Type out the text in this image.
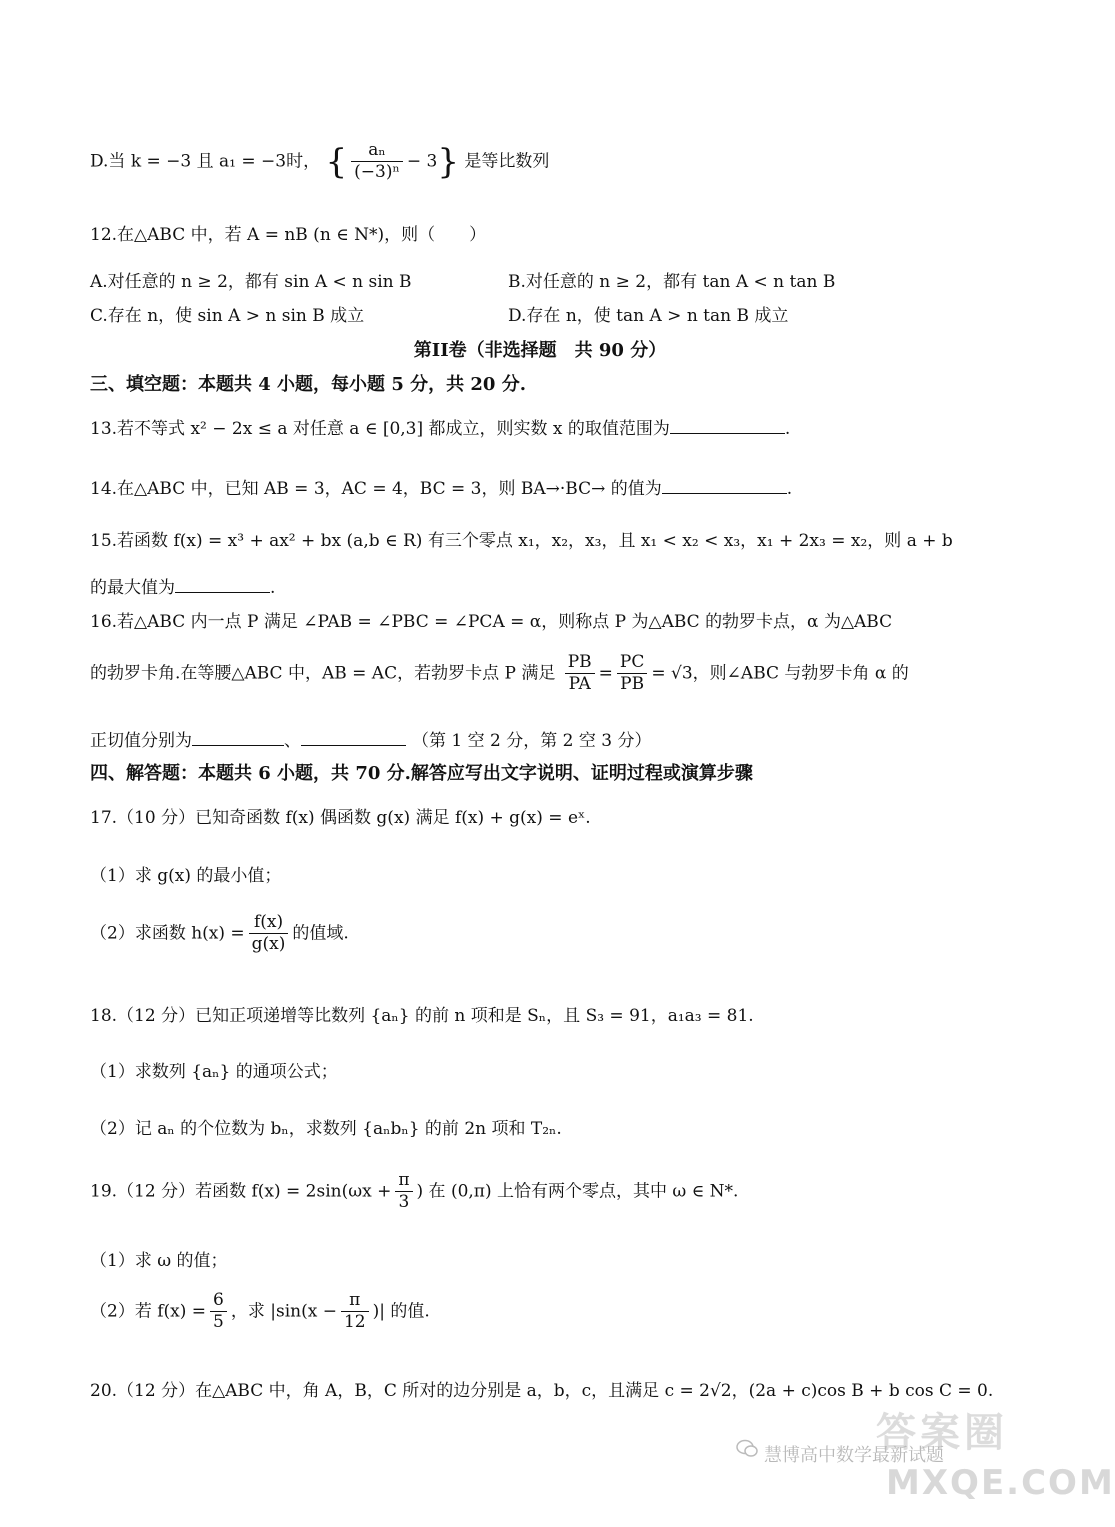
D.当 k = −3 且 a₁ = −3时， { $\frac{\text{aₙ}}{\text{(−3)ⁿ}} - 3$} 是等比数列
12.在△ABC 中，若 A = nB (n ∈ N*)，则（　　）
A.对任意的 n ≥ 2，都有 sin A < n sin B	B.对任意的 n ≥ 2，都有 tan A < n tan B
C.存在 n，使 sin A > n sin B 成立	D.存在 n，使 tan A > n tan B 成立
第II卷（非选择题　共 90 分）
三、填空题：本题共 4 小题，每小题 5 分，共 20 分.
13.若不等式 x² − 2x ≤ a 对任意 a ∈ [0,3] 都成立，则实数 x 的取值范围为	.
14.在△ABC 中，已知 AB = 3，AC = 4，BC = 3，则 BA→·BC→ 的值为	.
15.若函数 f(x) = x³ + ax² + bx (a,b ∈ R) 有三个零点 x₁，x₂，x₃，且 x₁ < x₂ < x₃，x₁ + 2x₃ = x₂，则 a + b
的最大值为	.
16.若△ABC 内一点 P 满足 ∠PAB = ∠PBC = ∠PCA = α，则称点 P 为△ABC 的勃罗卡点，α 为△ABC
的勃罗卡角.在等腰△ABC 中，AB = AC，若勃罗卡点 P 满足 $\frac{PB}{PA} = \frac{PC}{PB} = √3$，则∠ABC 与勃罗卡角 α 的
正切值分别为	、	（第 1 空 2 分，第 2 空 3 分）
四、解答题：本题共 6 小题，共 70 分.解答应写出文字说明、证明过程或演算步骤
17.（10 分）已知奇函数 f(x) 偶函数 g(x) 满足 f(x) + g(x) = eˣ.
（1）求 g(x) 的最小值；
（2）求函数 $h(x) = \frac{f(x)}{g(x)}$ 的值域.
18.（12 分）已知正项递增等比数列 {aₙ} 的前 n 项和是 Sₙ，且 S₃ = 91，a₁a₃ = 81.
（1）求数列 {aₙ} 的通项公式；
（2）记 aₙ 的个位数为 bₙ，求数列 {aₙbₙ} 的前 2n 项和 T₂ₙ.
19.（12 分）若函数 $f(x) = 2\sin(\omega x + \frac{\pi}{3}$ ) 在 (0,π) 上恰有两个零点，其中 ω ∈ N*.
（1）求 ω 的值；
（2）若 $f(x) = \frac{6}{5}$ ，求 $|\sin(x - \frac{\pi}{12}$ )| 的值.
20.（12 分）在△ABC 中，角 A，B，C 所对的边分别是 a，b，c，且满足 c = 2√2，(2a + c)cos B + b cos C = 0.
答案圈
慧博高中数学最新试题
MXQE.COM
